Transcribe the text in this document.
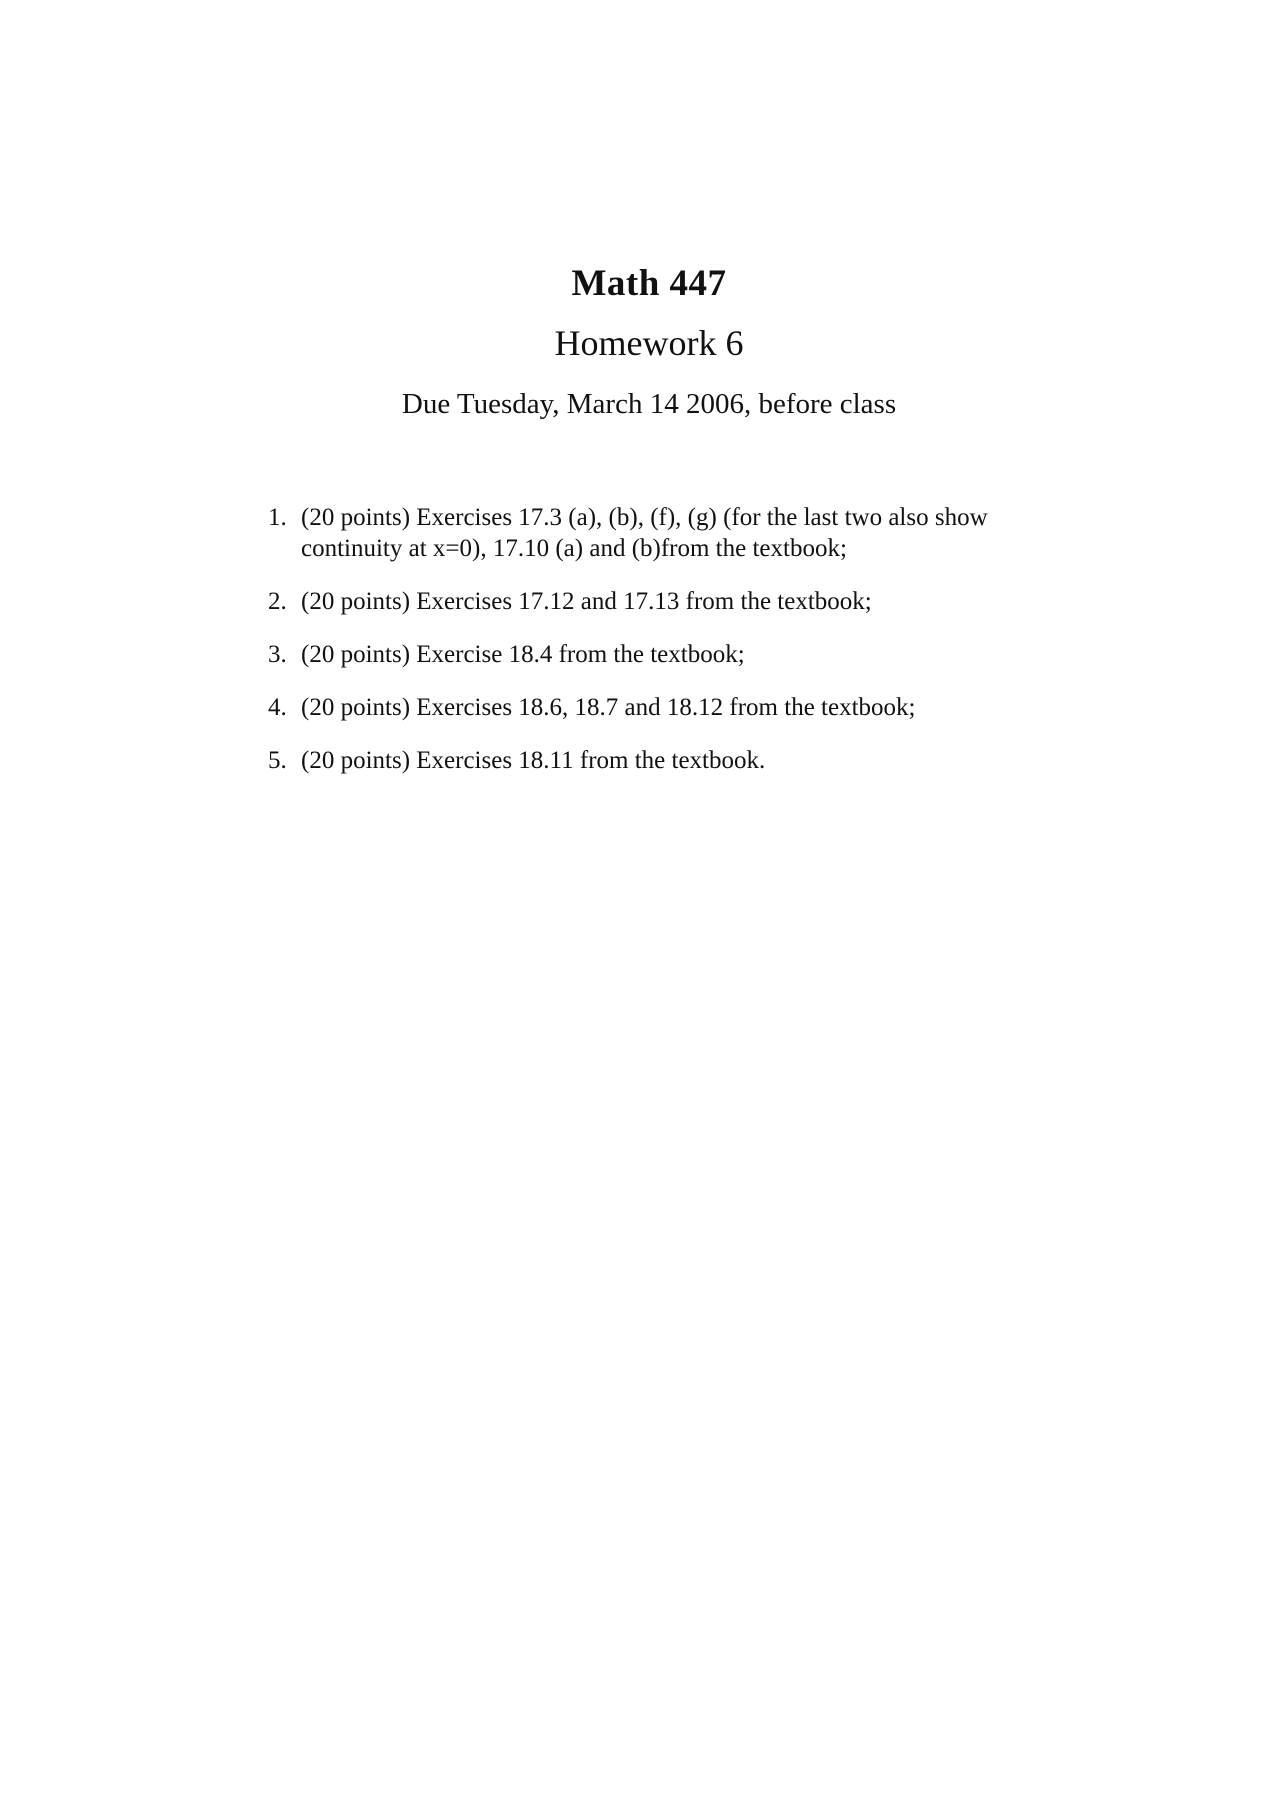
Math 447
Homework 6
Due Tuesday, March 14 2006, before class
1. (20 points) Exercises 17.3 (a), (b), (f), (g) (for the last two also show continuity at x=0), 17.10 (a) and (b)from the textbook;
2. (20 points) Exercises 17.12 and 17.13 from the textbook;
3. (20 points) Exercise 18.4 from the textbook;
4. (20 points) Exercises 18.6, 18.7 and 18.12 from the textbook;
5. (20 points) Exercises 18.11 from the textbook.
